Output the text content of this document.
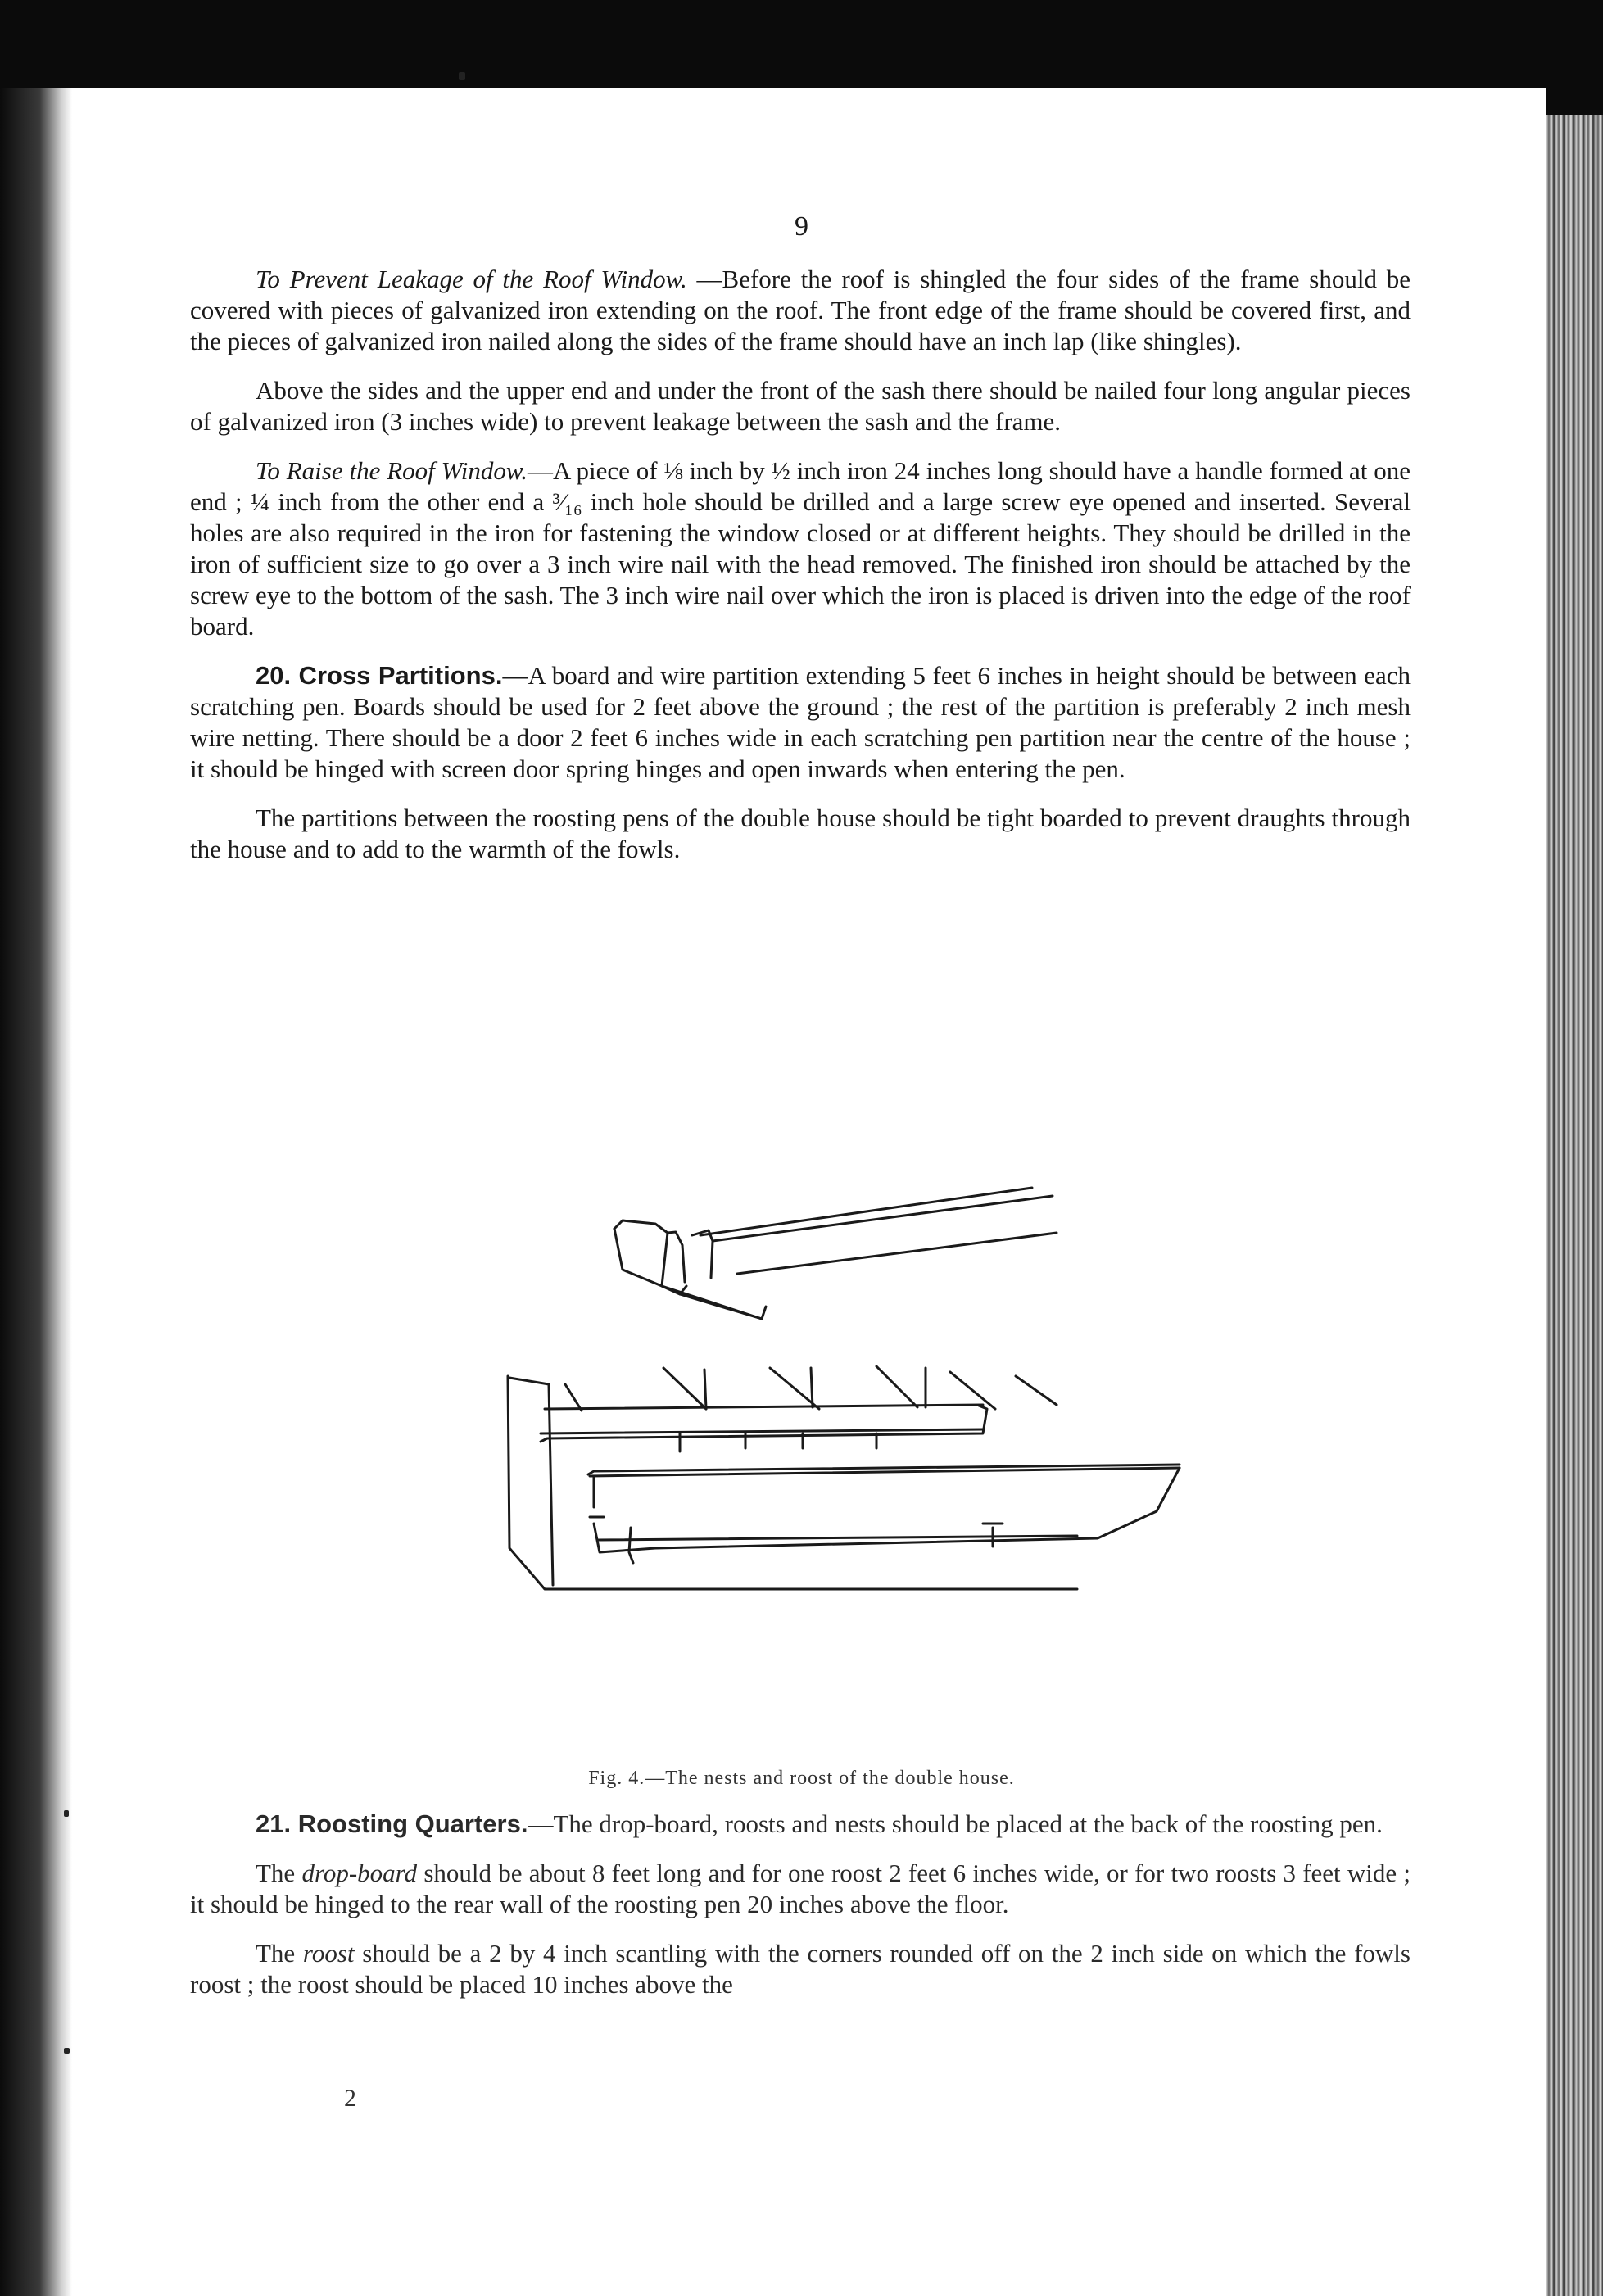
9

To Prevent Leakage of the Roof Window. —Before the roof is shingled the four sides of the frame should be covered with pieces of galvanized iron extending on the roof. The front edge of the frame should be covered first, and the pieces of galvanized iron nailed along the sides of the frame should have an inch lap (like shingles).

Above the sides and the upper end and under the front of the sash there should be nailed four long angular pieces of galvanized iron (3 inches wide) to prevent leakage between the sash and the frame.

To Raise the Roof Window.—A piece of ⅛ inch by ½ inch iron 24 inches long should have a handle formed at one end ; ¼ inch from the other end a ³⁄₁₆ inch hole should be drilled and a large screw eye opened and inserted. Several holes are also required in the iron for fastening the window closed or at different heights. They should be drilled in the iron of sufficient size to go over a 3 inch wire nail with the head removed. The finished iron should be attached by the screw eye to the bottom of the sash. The 3 inch wire nail over which the iron is placed is driven into the edge of the roof board.

20. Cross Partitions.—A board and wire partition extending 5 feet 6 inches in height should be between each scratching pen. Boards should be used for 2 feet above the ground ; the rest of the partition is preferably 2 inch mesh wire netting. There should be a door 2 feet 6 inches wide in each scratching pen partition near the centre of the house ; it should be hinged with screen door spring hinges and open inwards when entering the pen.

The partitions between the roosting pens of the double house should be tight boarded to prevent draughts through the house and to add to the warmth of the fowls.

Fig. 4.—The nests and roost of the double house.

21. Roosting Quarters.—The drop-board, roosts and nests should be placed at the back of the roosting pen.

The drop-board should be about 8 feet long and for one roost 2 feet 6 inches wide, or for two roosts 3 feet wide ; it should be hinged to the rear wall of the roosting pen 20 inches above the floor.

The roost should be a 2 by 4 inch scantling with the corners rounded off on the 2 inch side on which the fowls roost ; the roost should be placed 10 inches above the

2
